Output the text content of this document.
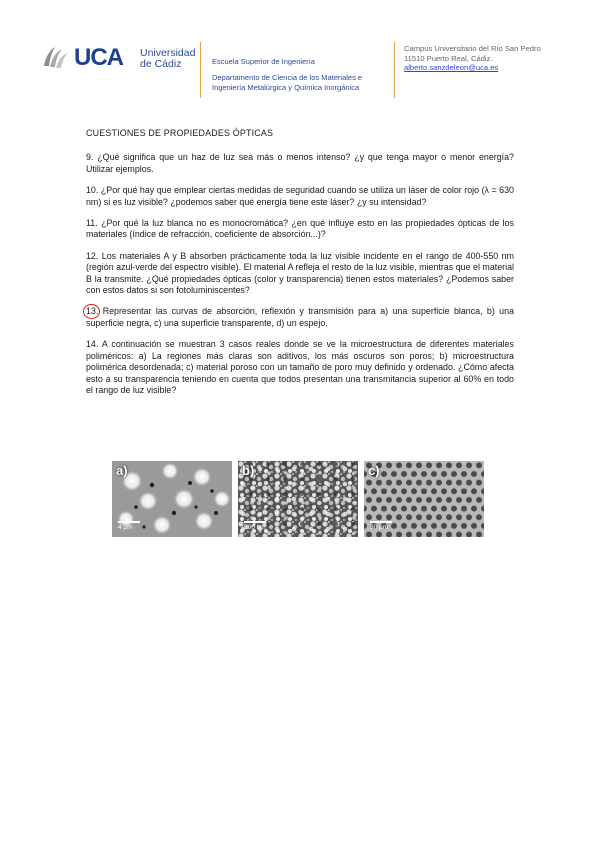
UCA Universidad de Cádiz	Escuela Superior de Ingeniería
Departamento de Ciencia de los Materiales e Ingeniería Metalúrgica y Química Inorgánica
Campus Universitario del Río San Pedro
11510 Puerto Real, Cádiz.
alberto.sanzdeleon@uca.es

CUESTIONES DE PROPIEDADES ÓPTICAS

9. ¿Qué significa que un haz de luz sea más o menos intenso? ¿y que tenga mayor o menor energía? Utilizar ejemplos.

10. ¿Por qué hay que emplear ciertas medidas de seguridad cuando se utiliza un láser de color rojo (λ = 630 nm) si es luz visible? ¿podemos saber qué energía tiene este láser? ¿y su intensidad?

11. ¿Por qué la luz blanca no es monocromática? ¿en qué influye esto en las propiedades ópticas de los materiales (índice de refracción, coeficiente de absorción...)?

12. Los materiales A y B absorben prácticamente toda la luz visible incidente en el rango de 400-550 nm (región azul-verde del espectro visible). El material A refleja el resto de la luz visible, mientras que el material B la transmite. ¿Qué propiedades ópticas (color y transparencia) tienen estos materiales? ¿Podemos saber con estos datos si son fotoluminiscentes?

13. Representar las curvas de absorción, reflexión y transmisión para a) una superficie blanca, b) una superficie negra, c) una superficie transparente, d) un espejo.

14. A continuación se muestran 3 casos reales donde se ve la microestructura de diferentes materiales poliméricos: a) La regiones más claras son aditivos, los más oscuros son poros; b) microestructura polimérica desordenada; c) material poroso con un tamaño de poro muy definido y ordenado. ¿Cómo afecta esto a su transparencia teniendo en cuenta que todos presentan una transmitancia superior al 60% en todo el rango de luz visible?

a)
4 µm
b)
500 nm
c)
30 µm
